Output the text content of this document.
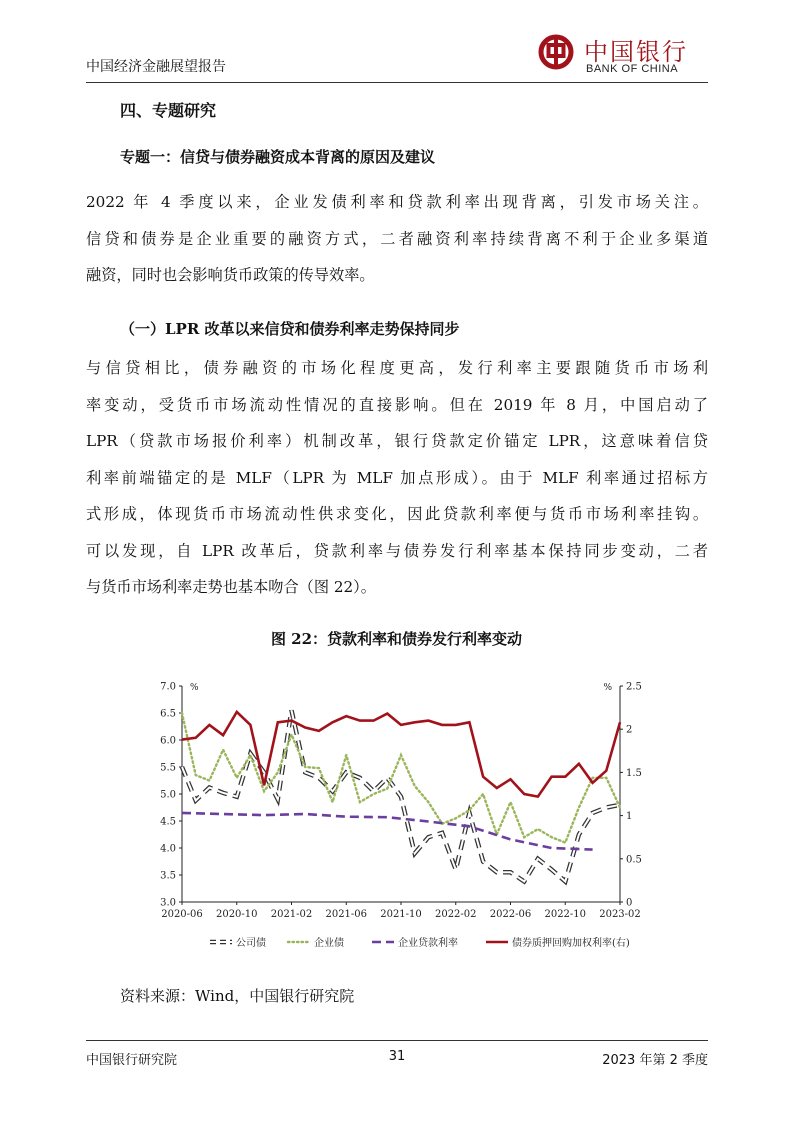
中国经济金融展望报告
中国银行
BANK OF CHINA
四、专题研究
专题一：信贷与债券融资成本背离的原因及建议
2022 年 4 季度以来，企业发债利率和贷款利率出现背离，引发市场关注。
信贷和债券是企业重要的融资方式，二者融资利率持续背离不利于企业多渠道
融资，同时也会影响货币政策的传导效率。
（一）LPR 改革以来信贷和债券利率走势保持同步
与信贷相比，债券融资的市场化程度更高，发行利率主要跟随货币市场利
率变动，受货币市场流动性情况的直接影响。但在 2019 年 8 月，中国启动了
LPR（贷款市场报价利率）机制改革，银行贷款定价锚定 LPR，这意味着信贷
利率前端锚定的是 MLF（LPR 为 MLF 加点形成）。由于 MLF 利率通过招标方
式形成，体现货币市场流动性供求变化，因此贷款利率便与货币市场利率挂钩。
可以发现，自 LPR 改革后，贷款利率与债券发行利率基本保持同步变动，二者
与货币市场利率走势也基本吻合（图 22）。
图 22：贷款利率和债券发行利率变动
3.0
3.5
4.0
4.5
5.0
5.5
6.0
6.5
7.0
0
0.5
1
1.5
2
2.5
%	%
2020-06 2020-10 2021-02 2021-06 2021-10 2022-02 2022-06 2022-10 2023-02
公司债	企业债	企业贷款利率	债券质押回购加权利率(右)
资料来源：Wind，中国银行研究院
中国银行研究院	31	2023 年第 2 季度
